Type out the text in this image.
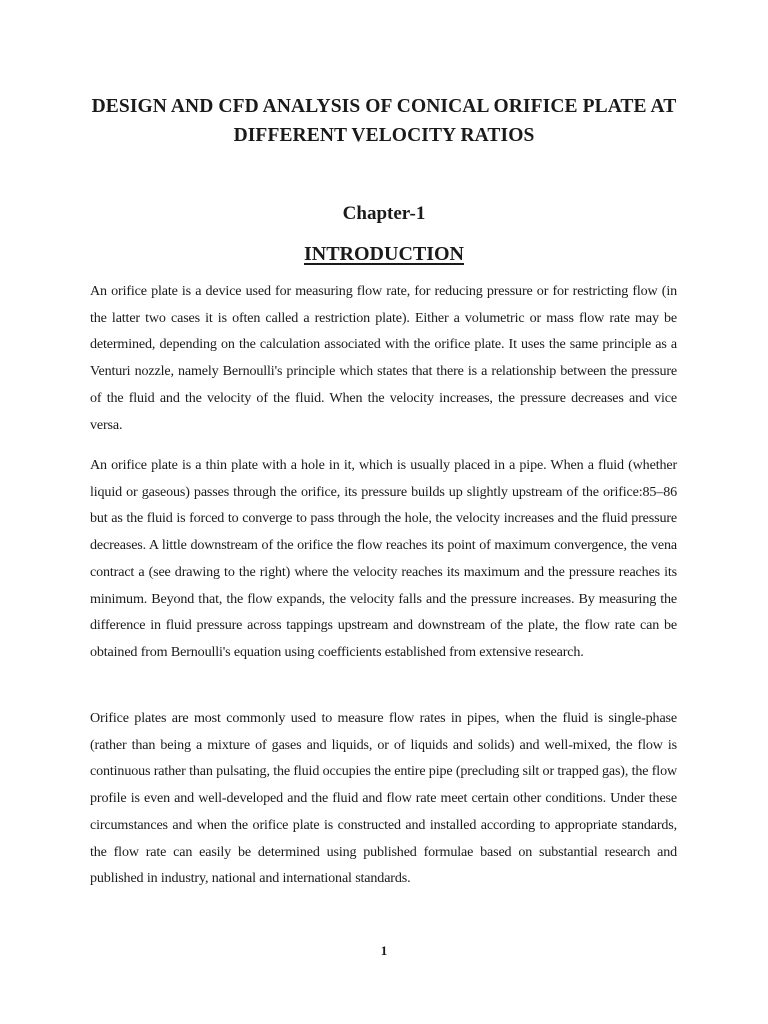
DESIGN AND CFD ANALYSIS OF CONICAL ORIFICE PLATE AT DIFFERENT VELOCITY RATIOS
Chapter-1
INTRODUCTION

An orifice plate is a device used for measuring flow rate, for reducing pressure or for restricting flow (in the latter two cases it is often called a restriction plate). Either a volumetric or mass flow rate may be determined, depending on the calculation associated with the orifice plate. It uses the same principle as a Venturi nozzle, namely Bernoulli's principle which states that there is a relationship between the pressure of the fluid and the velocity of the fluid. When the velocity increases, the pressure decreases and vice versa.

An orifice plate is a thin plate with a hole in it, which is usually placed in a pipe. When a fluid (whether liquid or gaseous) passes through the orifice, its pressure builds up slightly upstream of the orifice:85–86 but as the fluid is forced to converge to pass through the hole, the velocity increases and the fluid pressure decreases. A little downstream of the orifice the flow reaches its point of maximum convergence, the vena contract a (see drawing to the right) where the velocity reaches its maximum and the pressure reaches its minimum. Beyond that, the flow expands, the velocity falls and the pressure increases. By measuring the difference in fluid pressure across tappings upstream and downstream of the plate, the flow rate can be obtained from Bernoulli's equation using coefficients established from extensive research.

Orifice plates are most commonly used to measure flow rates in pipes, when the fluid is single-phase (rather than being a mixture of gases and liquids, or of liquids and solids) and well-mixed, the flow is continuous rather than pulsating, the fluid occupies the entire pipe (precluding silt or trapped gas), the flow profile is even and well-developed and the fluid and flow rate meet certain other conditions. Under these circumstances and when the orifice plate is constructed and installed according to appropriate standards, the flow rate can easily be determined using published formulae based on substantial research and published in industry, national and international standards.

1
